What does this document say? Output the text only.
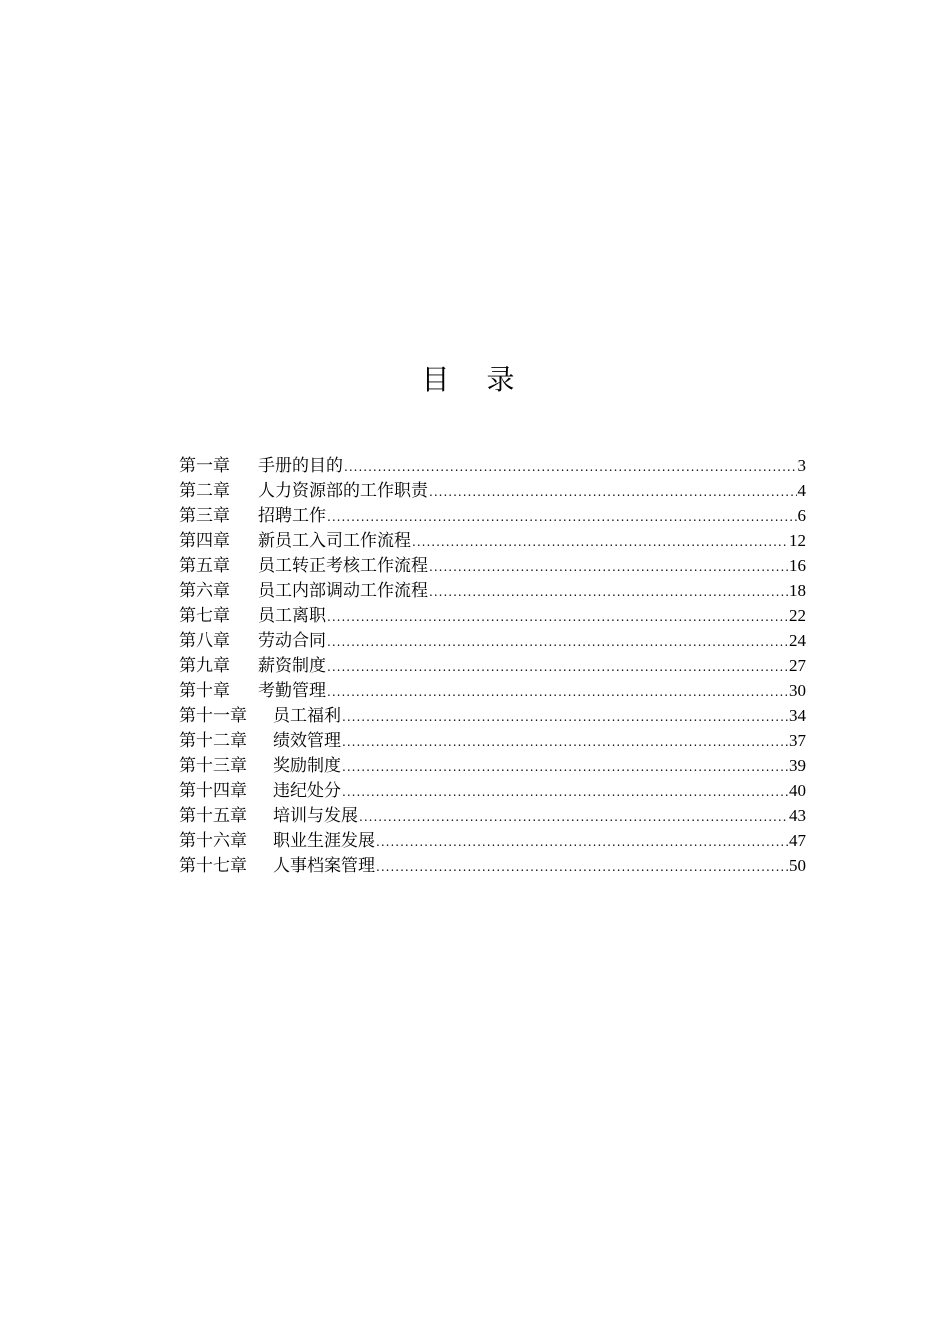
目 录
第一章 手册的目的 .....	3
第二章 人力资源部的工作职责 .....	4
第三章 招聘工作 .....	6
第四章 新员工入司工作流程 .....	12
第五章 员工转正考核工作流程 .....	16
第六章 员工内部调动工作流程 .....	18
第七章 员工离职 .....	22
第八章 劳动合同 .....	24
第九章 薪资制度 .....	27
第十章 考勤管理 .....	30
第十一章 员工福利 .....	34
第十二章 绩效管理 .....	37
第十三章 奖励制度 .....	39
第十四章 违纪处分 .....	40
第十五章 培训与发展 .....	43
第十六章 职业生涯发展 .....	47
第十七章 人事档案管理 .....	50
